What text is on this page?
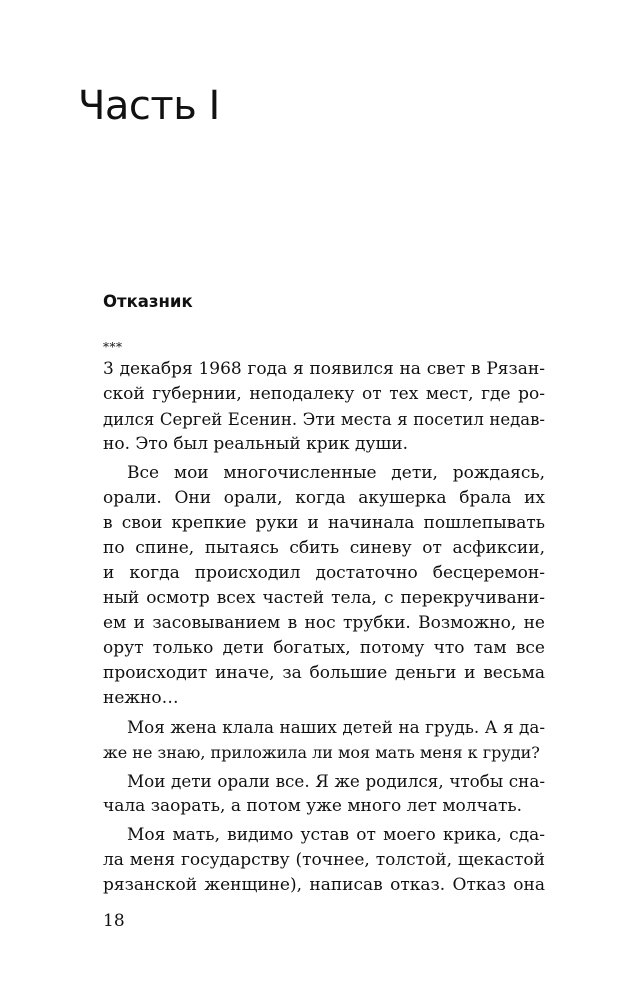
Часть I
Отказник
***
3 декабря 1968 года я появился на свет в Рязан-
ской губернии, неподалеку от тех мест, где ро-
дился Сергей Есенин. Эти места я посетил недав-
но. Это был реальный крик души.
Все мои многочисленные дети, рождаясь,
орали. Они орали, когда акушерка брала их
в свои крепкие руки и начинала пошлепывать
по спине, пытаясь сбить синеву от асфиксии,
и когда происходил достаточно бесцеремон-
ный осмотр всех частей тела, с перекручивани-
ем и засовыванием в нос трубки. Возможно, не
орут только дети богатых, потому что там все
происходит иначе, за большие деньги и весьма
нежно…
Моя жена клала наших детей на грудь. А я да-
же не знаю, приложила ли моя мать меня к груди?
Мои дети орали все. Я же родился, чтобы сна-
чала заорать, а потом уже много лет молчать.
Моя мать, видимо устав от моего крика, сда-
ла меня государству (точнее, толстой, щекастой
рязанской женщине), написав отказ. Отказ она
18
